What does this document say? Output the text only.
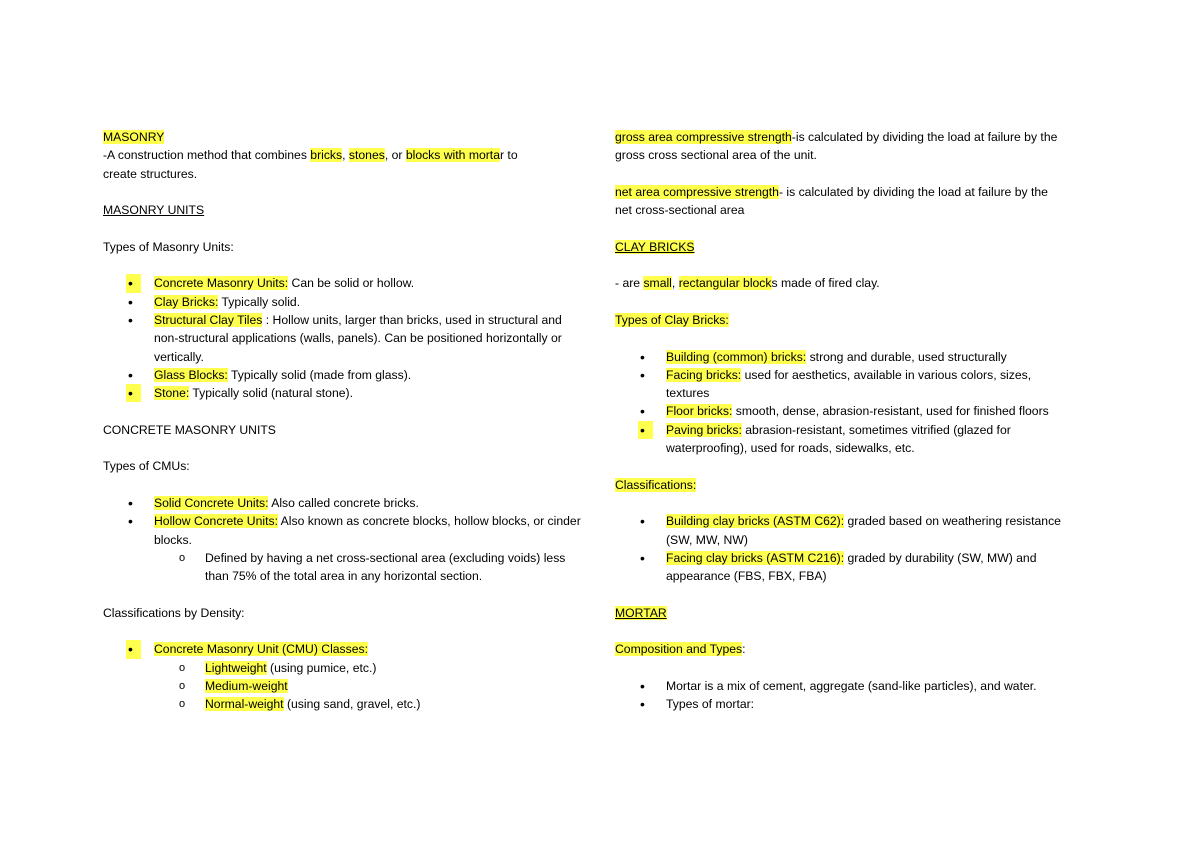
MASONRY

-A construction method that combines bricks, stones, or blocks with mortar to
create structures.

MASONRY UNITS

Types of Masonry Units:

• Concrete Masonry Units: Can be solid or hollow.
• Clay Bricks: Typically solid.
• Structural Clay Tiles : Hollow units, larger than bricks, used in structural and non-structural applications (walls, panels). Can be positioned horizontally or vertically.
• Glass Blocks: Typically solid (made from glass).
• Stone: Typically solid (natural stone).

CONCRETE MASONRY UNITS

Types of CMUs:

• Solid Concrete Units: Also called concrete bricks.
• Hollow Concrete Units: Also known as concrete blocks, hollow blocks, or cinder blocks.
o Defined by having a net cross-sectional area (excluding voids) less than 75% of the total area in any horizontal section.

Classifications by Density:

• Concrete Masonry Unit (CMU) Classes:
o Lightweight (using pumice, etc.)
o Medium-weight
o Normal-weight (using sand, gravel, etc.)

gross area compressive strength-is calculated by dividing the load at failure by the
gross cross sectional area of the unit.

net area compressive strength- is calculated by dividing the load at failure by the
net cross-sectional area

CLAY BRICKS

- are small, rectangular blocks made of fired clay.

Types of Clay Bricks:

• Building (common) bricks: strong and durable, used structurally
• Facing bricks: used for aesthetics, available in various colors, sizes, textures
• Floor bricks: smooth, dense, abrasion-resistant, used for finished floors
• Paving bricks: abrasion-resistant, sometimes vitrified (glazed for waterproofing), used for roads, sidewalks, etc.

Classifications:

• Building clay bricks (ASTM C62): graded based on weathering resistance (SW, MW, NW)
• Facing clay bricks (ASTM C216): graded by durability (SW, MW) and appearance (FBS, FBX, FBA)

MORTAR

Composition and Types:

• Mortar is a mix of cement, aggregate (sand-like particles), and water.
• Types of mortar:
